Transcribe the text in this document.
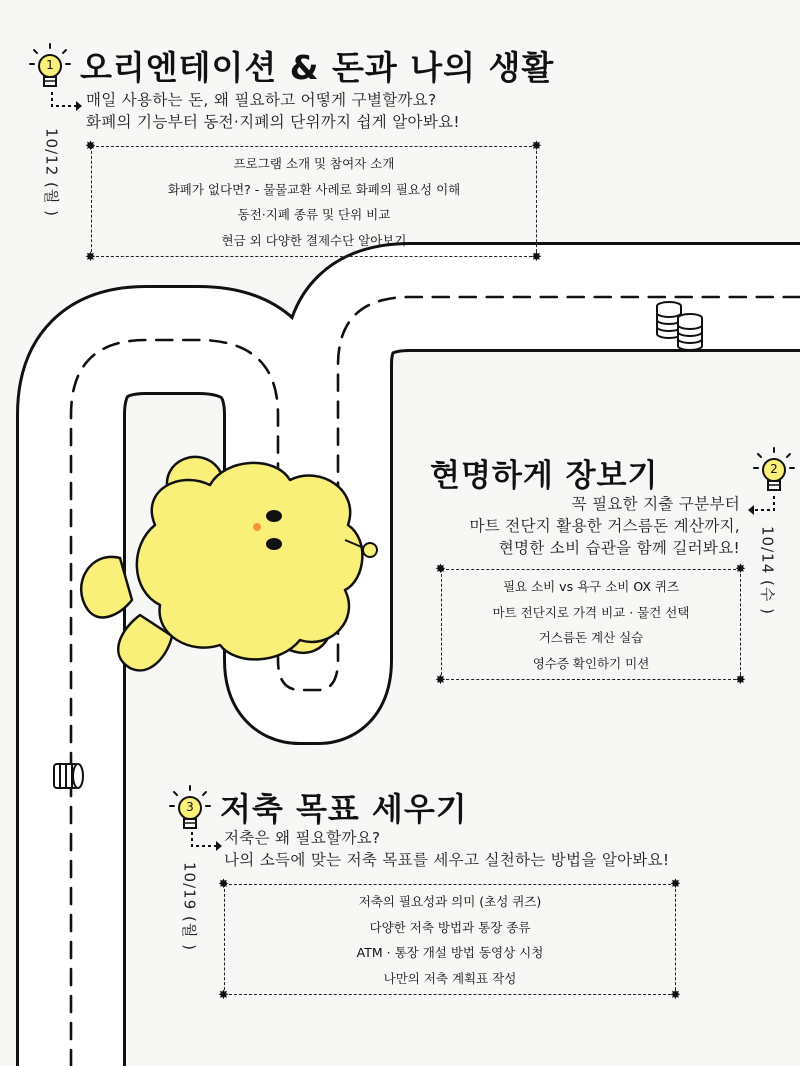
1 오리엔테이션 & 돈과 나의 생활
매일 사용하는 돈, 왜 필요하고 어떻게 구별할까요?
화폐의 기능부터 동전·지폐의 단위까지 쉽게 알아봐요!
10/12 (월 )	프로그램 소개 및 참여자 소개
화폐가 없다면? - 물물교환 사례로 화폐의 필요성 이해
동전·지폐 종류 및 단위 비교
현금 외 다양한 결제수단 알아보기
✸	✸
✸	✸
2
현명하게 장보기
꼭 필요한 지출 구분부터
마트 전단지 활용한 거스름돈 계산까지,
현명한 소비 습관을 함께 길러봐요! 10/14 (수 )
필요 소비 vs 욕구 소비 OX 퀴즈
마트 전단지로 가격 비교 · 물건 선택
거스름돈 계산 실습
영수증 확인하기 미션
✸	✸
✸	✸
3 저축 목표 세우기
저축은 왜 필요할까요?
나의 소득에 맞는 저축 목표를 세우고 실천하는 방법을 알아봐요!
10/19 (월 )	저축의 필요성과 의미 (초성 퀴즈)
다양한 저축 방법과 통장 종류
ATM · 통장 개설 방법 동영상 시청
나만의 저축 계획표 작성
✸	✸
✸	✸
